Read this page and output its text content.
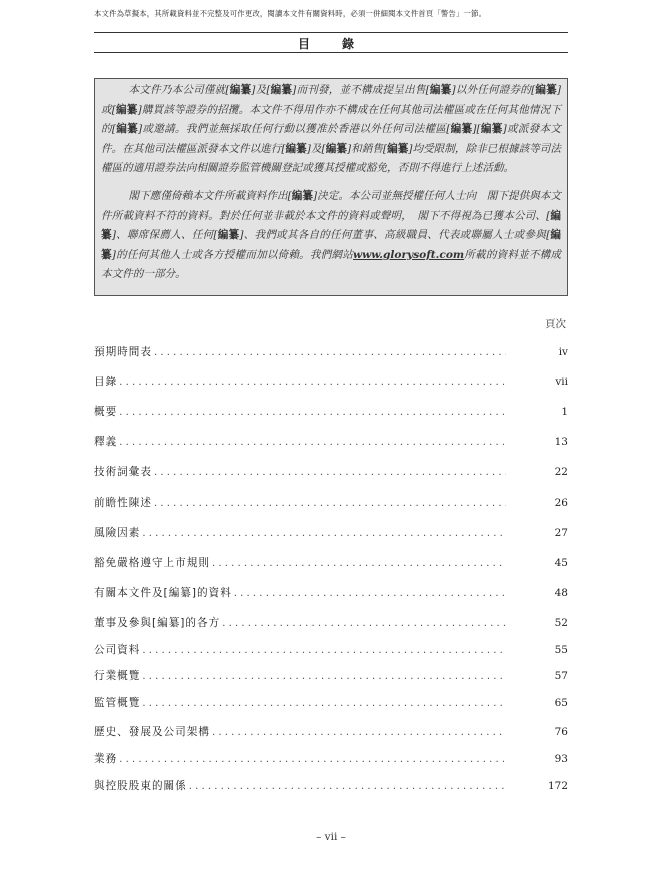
本文件為草擬本，其所載資料並不完整及可作更改，閱讀本文件有關資料時，必須一併細閱本文件首頁「警告」一節。
目　錄

本文件乃本公司僅就[編纂]及[編纂]而刊發，並不構成提呈出售[編纂]以外任何證券的[編纂]或[編纂]購買該等證券的招攬。本文件不得用作亦不構成在任何其他司法權區或在任何其他情況下的[編纂]或邀請。我們並無採取任何行動以獲准於香港以外任何司法權區[編纂][編纂]或派發本文件。在其他司法權區派發本文件以進行[編纂]及[編纂]和銷售[編纂]均受限制，除非已根據該等司法權區的適用證券法向相關證券監管機關登記或獲其授權或豁免，否則不得進行上述活動。

閣下應僅倚賴本文件所載資料作出[編纂]決定。本公司並無授權任何人士向　閣下提供與本文件所載資料不符的資料。對於任何並非載於本文件的資料或聲明，　閣下不得視為已獲本公司、[編纂]、聯席保薦人、任何[編纂]、我們或其各自的任何董事、高級職員、代表或聯屬人士或參與[編纂]的任何其他人士或各方授權而加以倚賴。我們網站www.glorysoft.com所載的資料並不構成本文件的一部分。

頁次
預期時間表 .....	iv
目錄 .....	vii
概要 .....	1
釋義 .....	13
技術詞彙表 .....	22
前瞻性陳述 .....	26
風險因素 .....	27
豁免嚴格遵守上市規則 .....	45
有關本文件及[編纂]的資料 .....	48
董事及參與[編纂]的各方 .....	52
公司資料 .....	55
行業概覽 .....	57
監管概覽 .....	65
歷史、發展及公司架構 .....	76
業務 .....	93
與控股股東的關係 .....	172
– vii –
